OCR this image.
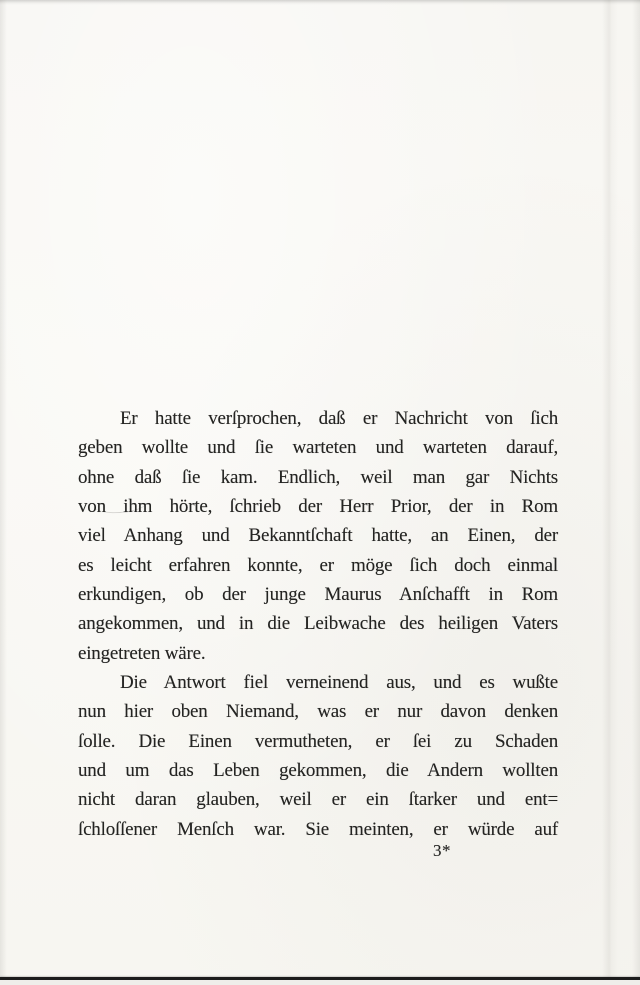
Er hatte verſprochen, daß er Nachricht von ſich

geben wollte und ſie warteten und warteten darauf,

ohne daß ſie kam. Endlich, weil man gar Nichts

von ihm hörte, ſchrieb der Herr Prior, der in Rom

viel Anhang und Bekanntſchaft hatte, an Einen, der

es leicht erfahren konnte, er möge ſich doch einmal

erkundigen, ob der junge Maurus Anſchafft in Rom

angekommen, und in die Leibwache des heiligen Vaters

eingetreten wäre.

Die Antwort fiel verneinend aus, und es wußte

nun hier oben Niemand, was er nur davon denken

ſolle. Die Einen vermutheten, er ſei zu Schaden

und um das Leben gekommen, die Andern wollten

nicht daran glauben, weil er ein ſtarker und ent=

ſchloſſener Menſch war. Sie meinten, er würde auf

3*
